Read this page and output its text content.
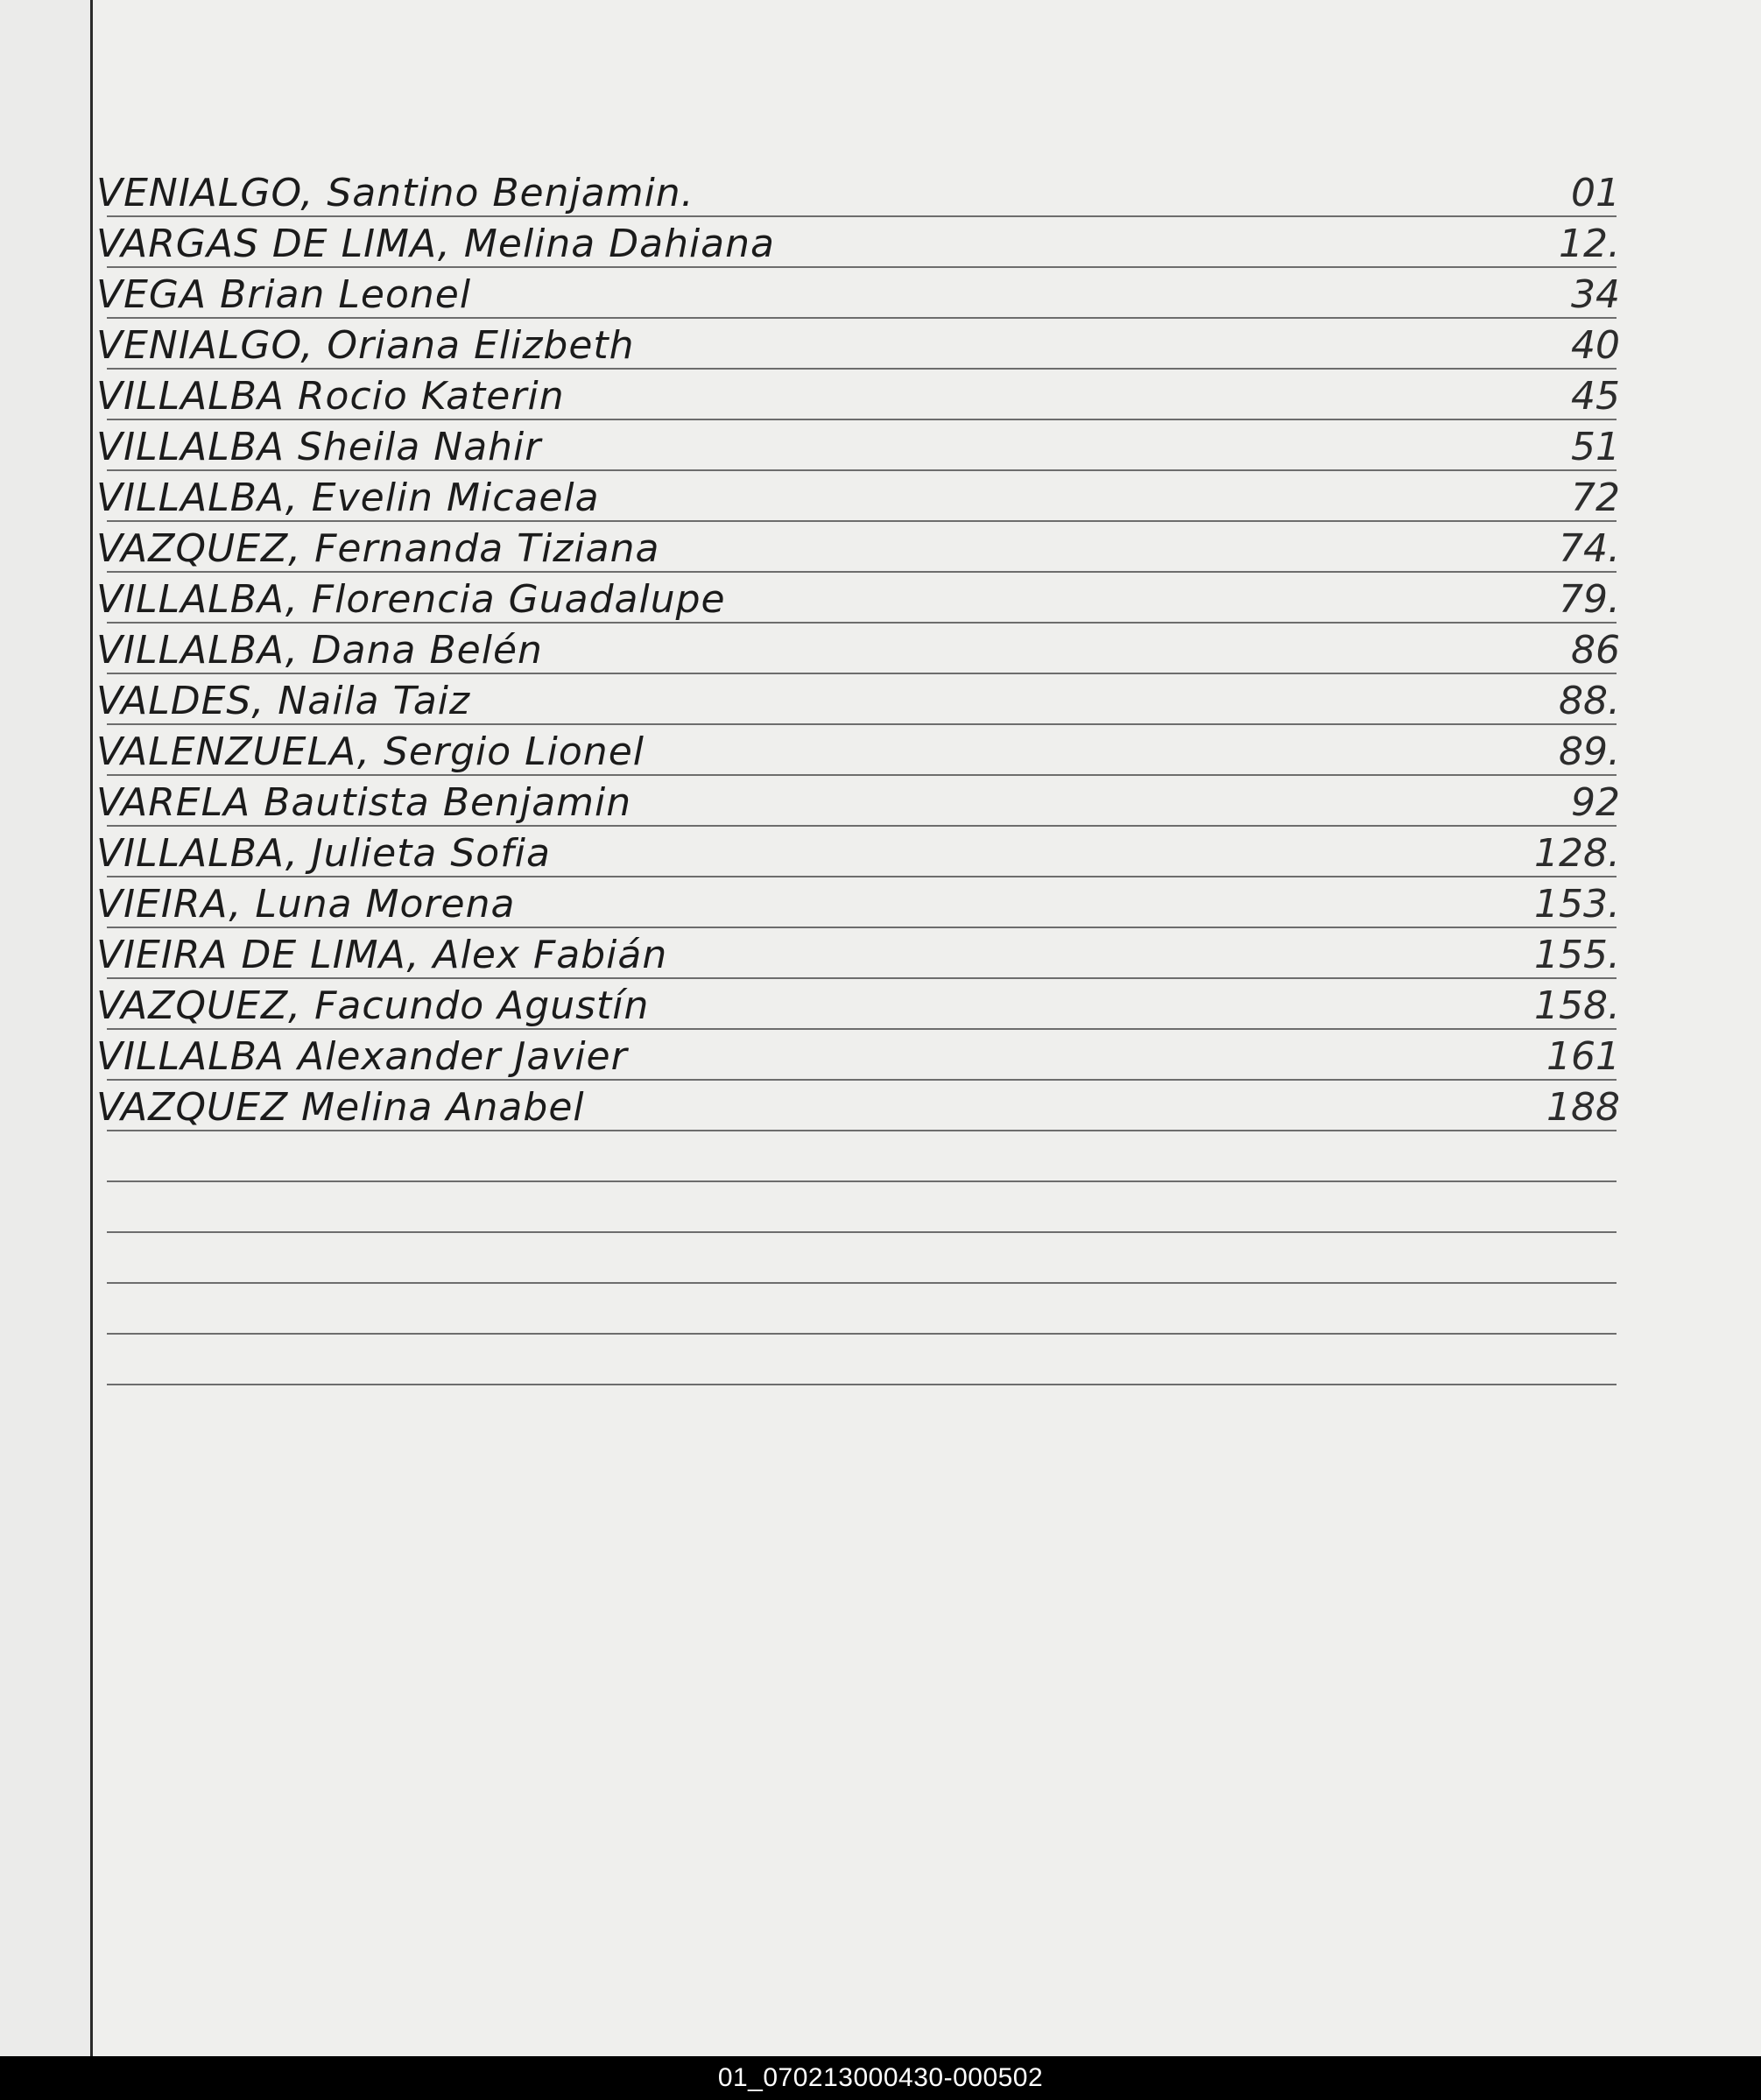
VENIALGO, Santino Benjamin.	01
VARGAS DE LIMA, Melina Dahiana	12.
VEGA Brian Leonel	34
VENIALGO, Oriana Elizbeth	40
VILLALBA Rocio Katerin	45
VILLALBA Sheila Nahir	51
VILLALBA, Evelin Micaela	72
VAZQUEZ, Fernanda Tiziana	74.
VILLALBA, Florencia Guadalupe	79.
VILLALBA, Dana Belén	86
VALDES, Naila Taiz	88.
VALENZUELA, Sergio Lionel	89.
VARELA Bautista Benjamin	92
VILLALBA, Julieta Sofia	128.
VIEIRA, Luna Morena	153.
VIEIRA DE LIMA, Alex Fabián	155.
VAZQUEZ, Facundo Agustín	158.
VILLALBA Alexander Javier	161
VAZQUEZ Melina Anabel	188
01_070213000430-000502
